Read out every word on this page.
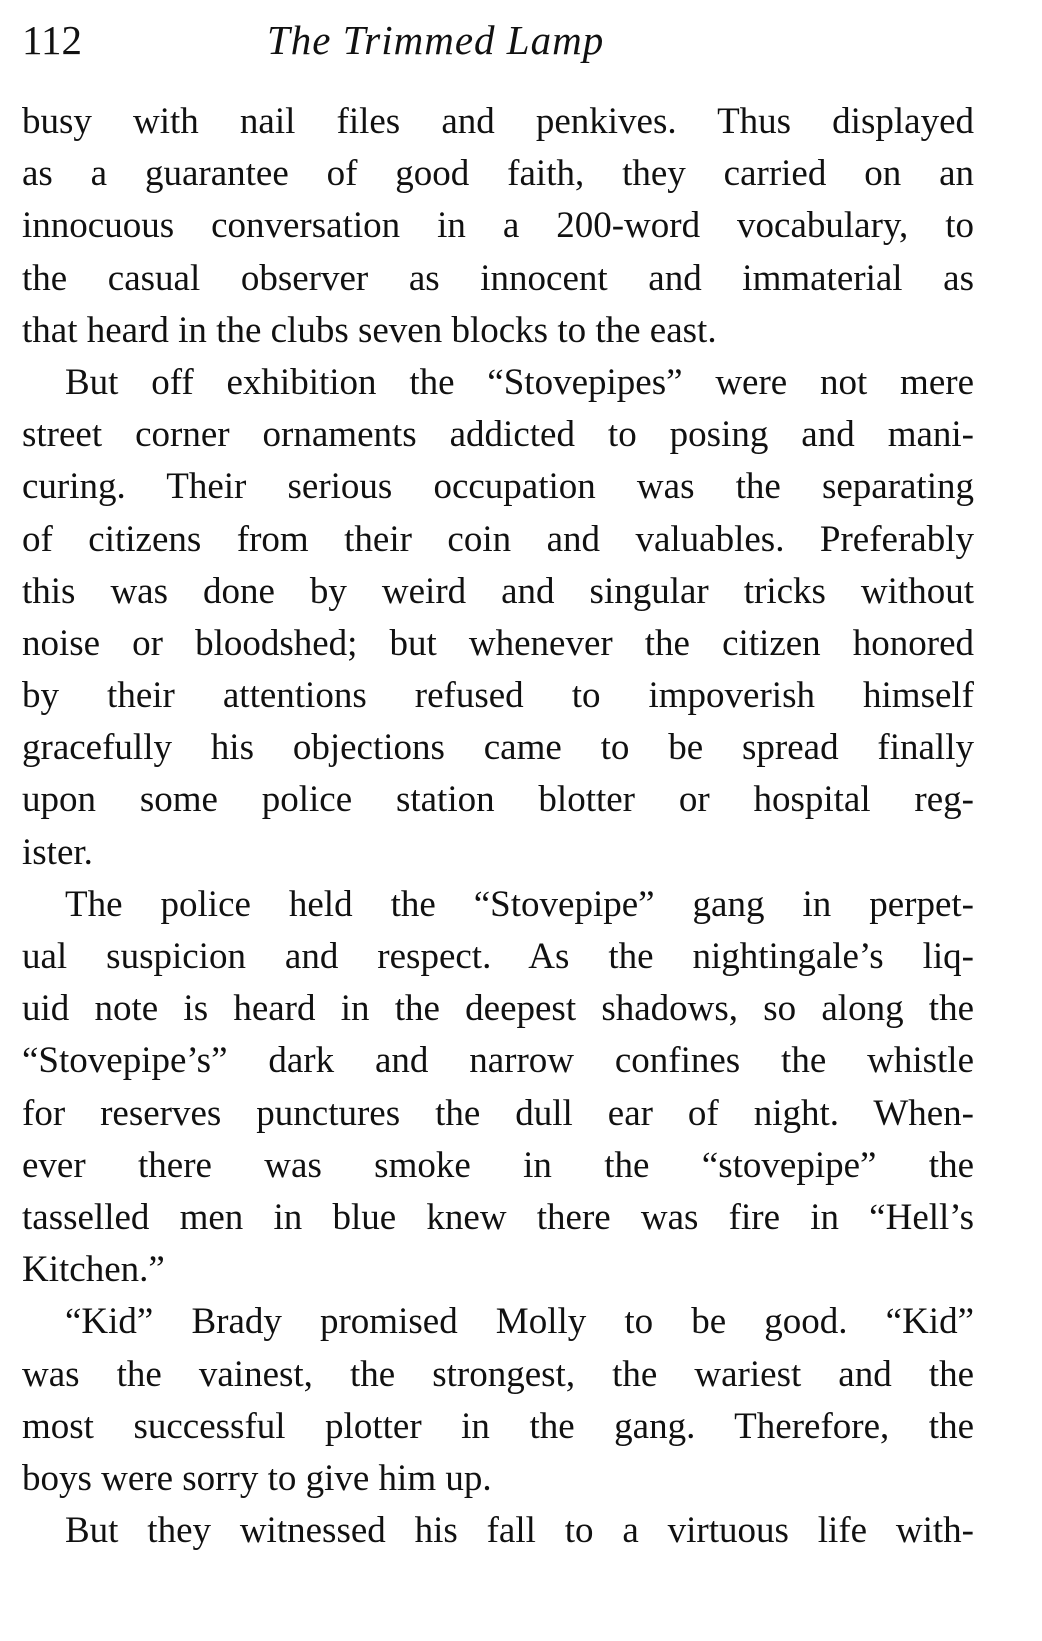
112	The Trimmed Lamp
busy with nail files and penkives. Thus displayed
as a guarantee of good faith, they carried on an
innocuous conversation in a 200-word vocabulary, to
the casual observer as innocent and immaterial as
that heard in the clubs seven blocks to the east.
But off exhibition the “Stovepipes” were not mere
street corner ornaments addicted to posing and mani-
curing. Their serious occupation was the separating
of citizens from their coin and valuables. Preferably
this was done by weird and singular tricks without
noise or bloodshed; but whenever the citizen honored
by their attentions refused to impoverish himself
gracefully his objections came to be spread finally
upon some police station blotter or hospital reg-
ister.
The police held the “Stovepipe” gang in perpet-
ual suspicion and respect. As the nightingale’s liq-
uid note is heard in the deepest shadows, so along the
“Stovepipe’s” dark and narrow confines the whistle
for reserves punctures the dull ear of night. When-
ever there was smoke in the “stovepipe” the
tasselled men in blue knew there was fire in “Hell’s
Kitchen.”
“Kid” Brady promised Molly to be good. “Kid”
was the vainest, the strongest, the wariest and the
most successful plotter in the gang. Therefore, the
boys were sorry to give him up.
But they witnessed his fall to a virtuous life with-
